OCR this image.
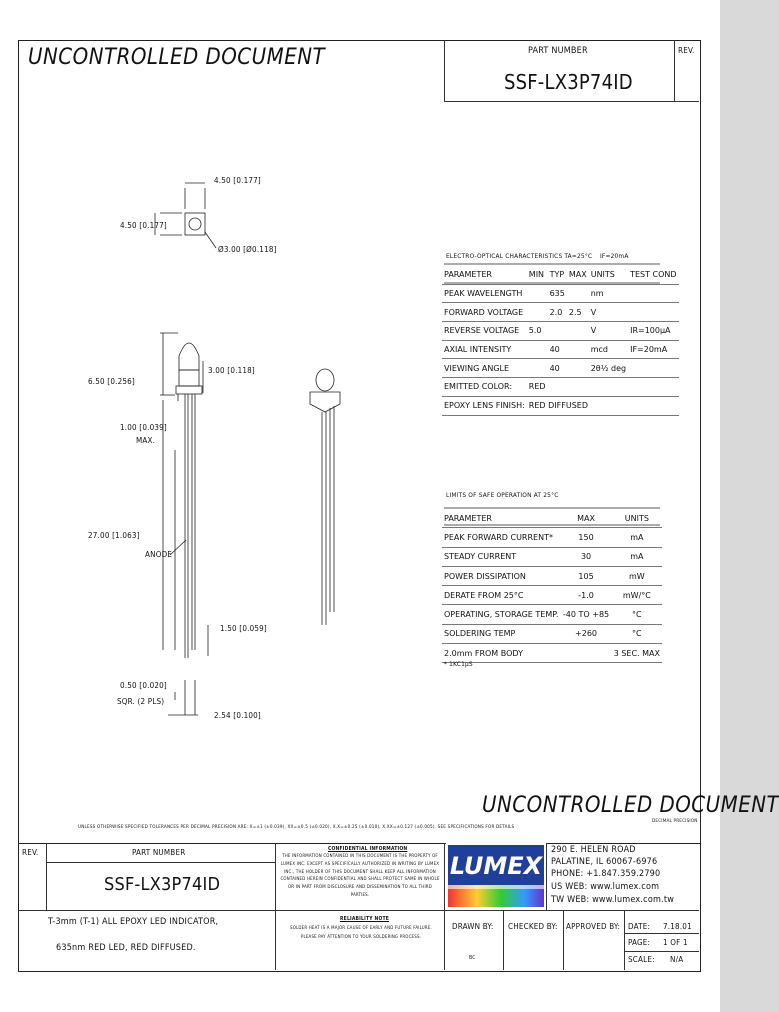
UNCONTROLLED DOCUMENT	PART NUMBER
SSF-LX3P74ID
REV.
4.50 [0.177]
4.50 [0.177]
Ø3.00 [Ø0.118]
6.50 [0.256]
3.00 [0.118]
1.00 [0.039]
MAX.
27.00 [1.063]
ANODE
1.50 [0.059]
0.50 [0.020]
SQR. (2 PLS)
2.54 [0.100]
ELECTRO-OPTICAL CHARACTERISTICS TA=25°C IF=20mA
PARAMETER	MIN	TYP	MAX	UNITS	TEST COND
PEAK WAVELENGTH		635		nm	
FORWARD VOLTAGE		2.0	2.5	V	
REVERSE VOLTAGE	5.0			V	IR=100µA
AXIAL INTENSITY		40		mcd	IF=20mA
VIEWING ANGLE		40		2θ½ deg	
EMITTED COLOR:	RED				
EPOXY LENS FINISH:	RED DIFFUSED				
LIMITS OF SAFE OPERATION AT 25°C
PARAMETER	MAX	UNITS
PEAK FORWARD CURRENT*	150	mA
STEADY CURRENT	30	mA
POWER DISSIPATION	105	mW
DERATE FROM 25°C	-1.0	mW/°C
OPERATING, STORAGE TEMP.	-40 TO +85	°C
SOLDERING TEMP	+260	°C
2.0mm FROM BODY		3 SEC. MAX
* 1KC1µS
UNCONTROLLED DOCUMENT
UNLESS OTHERWISE SPECIFIED TOLERANCES PER DECIMAL PRECISION ARE: X=±1 (±0.039), XX=±0.5 (±0.020), X.X=±0.25 (±0.010), X.XX=±0.127 (±0.005). SEE SPECIFICATIONS FOR DETAILS
DECIMAL PRECISION
REV.	PART NUMBER
SSF-LX3P74ID
T-3mm (T-1) ALL EPOXY LED INDICATOR,
635nm RED LED, RED DIFFUSED.
CONFIDENTIAL INFORMATION
THE INFORMATION CONTAINED IN THIS DOCUMENT IS THE PROPERTY OF LUMEX INC. EXCEPT AS SPECIFICALLY AUTHORIZED IN WRITING BY LUMEX INC., THE HOLDER OF THIS DOCUMENT SHALL KEEP ALL INFORMATION CONTAINED HEREIN CONFIDENTIAL AND SHALL PROTECT SAME IN WHOLE OR IN PART FROM DISCLOSURE AND DISSEMINATION TO ALL THIRD PARTIES.
RELIABILITY NOTE
SOLDER HEAT IS A MAJOR CAUSE OF EARLY AND FUTURE FAILURE. PLEASE PAY ATTENTION TO YOUR SOLDERING PROCESS.
LUMEX
290 E. HELEN ROAD
PALATINE, IL 60067-6976
PHONE: +1.847.359.2790
US WEB: www.lumex.com
TW WEB: www.lumex.com.tw
DRAWN BY:
BC
CHECKED BY: APPROVED BY: DATE: 7.18.01
PAGE: 1 OF 1
SCALE: N/A
